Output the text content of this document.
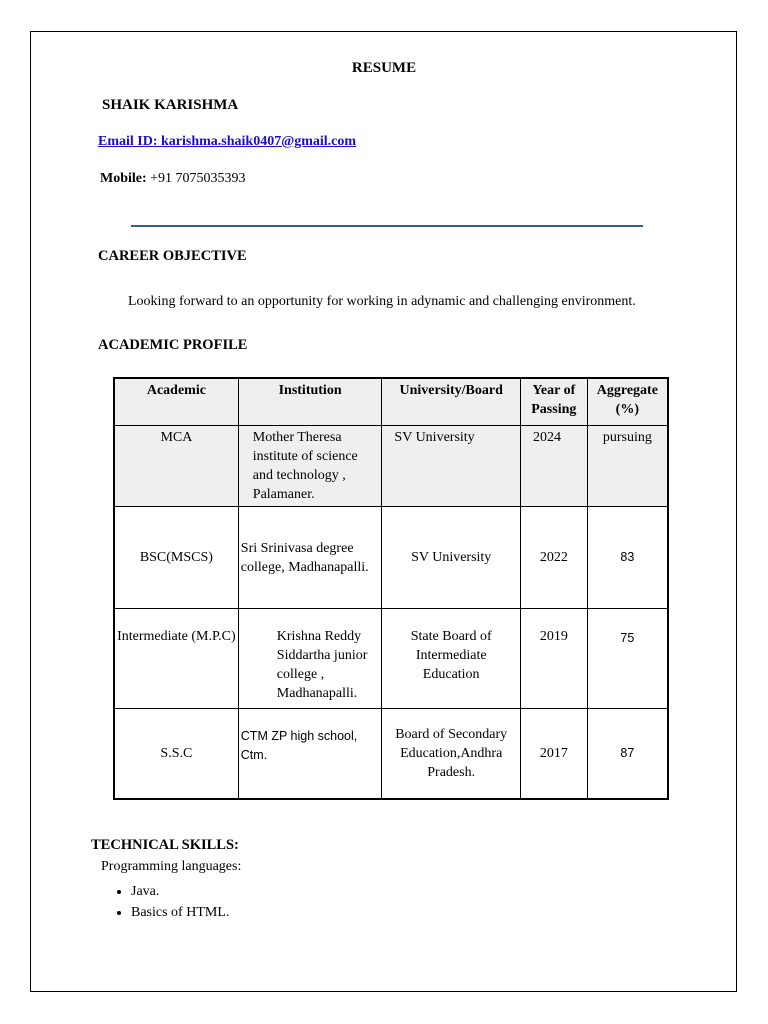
RESUME
SHAIK KARISHMA
Email ID: karishma.shaik0407@gmail.com
Mobile: +91 7075035393
CAREER OBJECTIVE
Looking forward to an opportunity for working in adynamic and challenging environment.
ACADEMIC PROFILE
Academic	Institution	University/Board	Year of Passing	Aggregate (%)
MCA	Mother Theresa institute of science and technology , Palamaner.	SV University	2024	pursuing
BSC(MSCS)	Sri Srinivasa degree college, Madhanapalli.	SV University	2022	83
Intermediate (M.P.C)	Krishna Reddy Siddartha junior college , Madhanapalli.	State Board of Intermediate Education	2019	75
S.S.C	CTM ZP high school, Ctm.	Board of Secondary Education,Andhra Pradesh.	2017	87
TECHNICAL SKILLS:
Programming languages:
• Java.
• Basics of HTML.
